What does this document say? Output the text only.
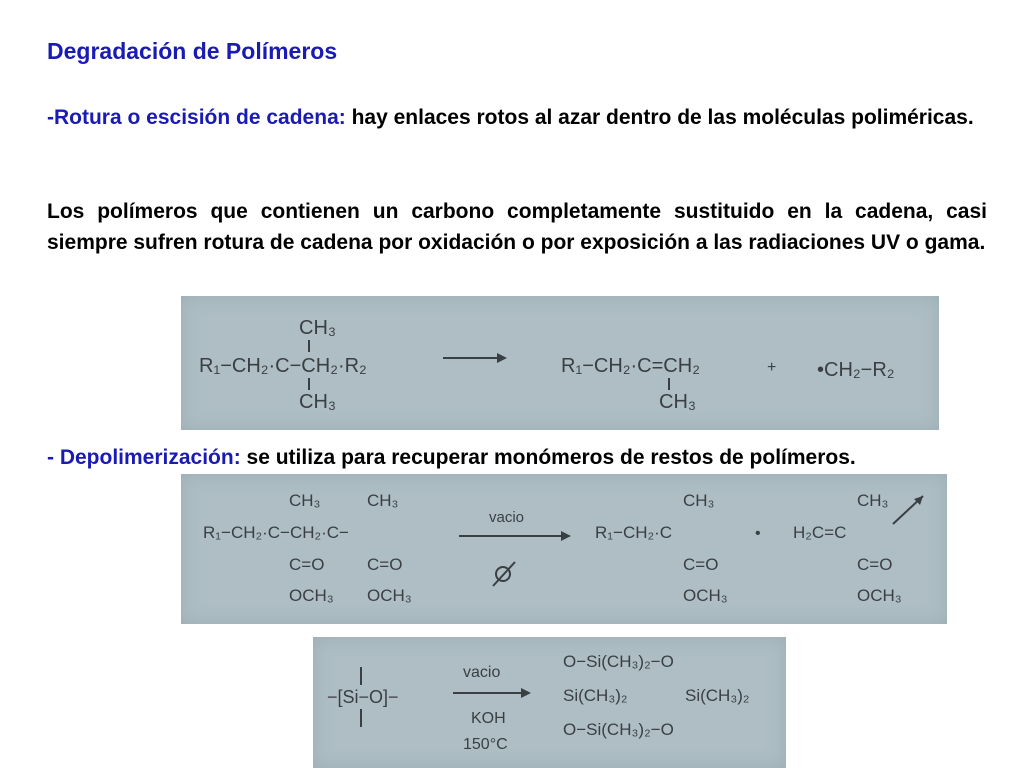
Degradación de Polímeros

-Rotura o escisión de cadena: hay enlaces rotos al azar dentro de las moléculas poliméricas.

Los polímeros que contienen un carbono completamente sustituido en la cadena, casi siempre sufren rotura de cadena por oxidación o por exposición a las radiaciones UV o gama.

CH₃
R₁−CH₂·C−CH₂·R₂
CH₃
R₁−CH₂·C=CH₂
CH₃
+ •CH₂−R₂

- Depolimerización: se utiliza para recuperar monómeros de restos de polímeros.

CH₃	CH₃
R₁−CH₂·C−CH₂·C−
C=O	C=O
OCH₃ OCH₃
vacio
CH₃
R₁−CH₂·C
C=O
OCH₃
•
CH₃
H₂C=C
C=O
OCH₃
−[Si−O]−
vacio
KOH
150°C
O−Si(CH₃)₂−O
Si(CH₃)₂	Si(CH₃)₂
O−Si(CH₃)₂−O
